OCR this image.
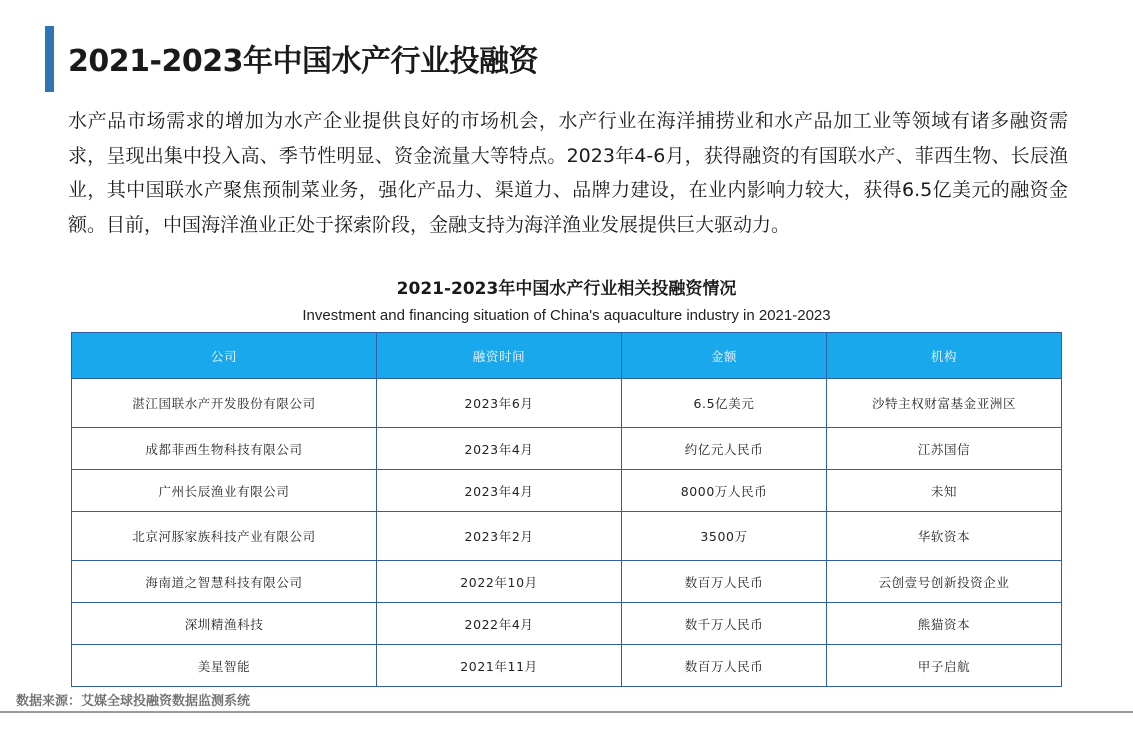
2021-2023年中国水产行业投融资
水产品市场需求的增加为水产企业提供良好的市场机会，水产行业在海洋捕捞业和水产品加工业等领域有诸多融资需求，呈现出集中投入高、季节性明显、资金流量大等特点。2023年4-6月，获得融资的有国联水产、菲西生物、长辰渔业，其中国联水产聚焦预制菜业务，强化产品力、渠道力、品牌力建设，在业内影响力较大，获得6.5亿美元的融资金额。目前，中国海洋渔业正处于探索阶段，金融支持为海洋渔业发展提供巨大驱动力。
2021-2023年中国水产行业相关投融资情况
Investment and financing situation of China's aquaculture industry in 2021-2023
公司	融资时间	金额	机构
湛江国联水产开发股份有限公司	2023年6月	6.5亿美元	沙特主权财富基金亚洲区
成都菲西生物科技有限公司	2023年4月	约亿元人民币	江苏国信
广州长辰渔业有限公司	2023年4月	8000万人民币	未知
北京河豚家族科技产业有限公司	2023年2月	3500万	华软资本
海南道之智慧科技有限公司	2022年10月	数百万人民币	云创壹号创新投资企业
深圳精渔科技	2022年4月	数千万人民币	熊猫资本
美星智能	2021年11月	数百万人民币	甲子启航
数据来源：艾媒全球投融资数据监测系统
